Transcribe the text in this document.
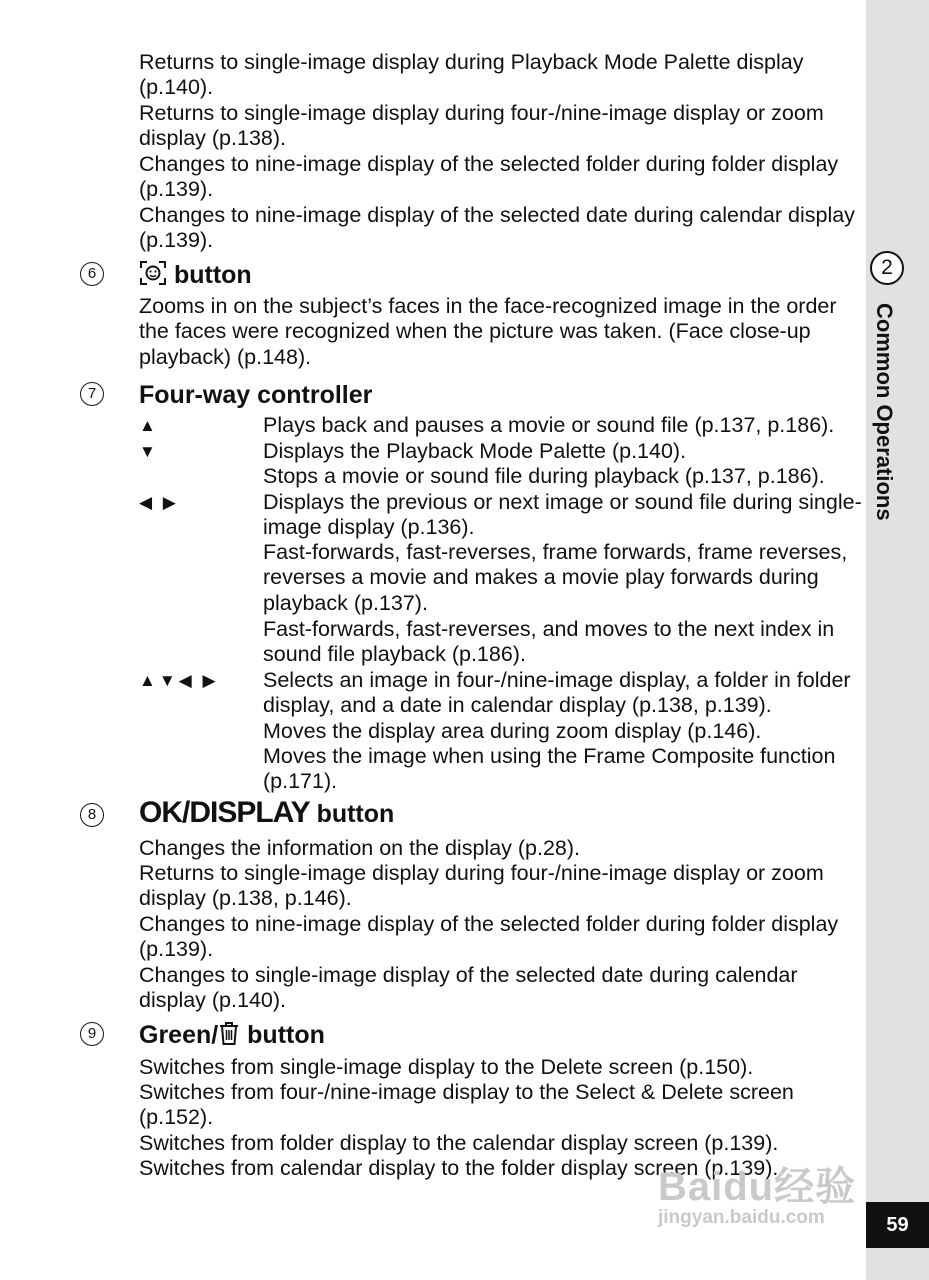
2
Common Operations
59
6
7
8
9

Returns to single-image display during Playback Mode Palette display (p.140).

Returns to single-image display during four-/nine-image display or zoom display (p.138).

Changes to nine-image display of the selected folder during folder display (p.139).

Changes to nine-image display of the selected date during calendar display (p.139).

button

Zooms in on the subject’s faces in the face-recognized image in the order the faces were recognized when the picture was taken. (Face close-up playback) (p.148).

Four-way controller
▲	Plays back and pauses a movie or sound file (p.137, p.186).

▼	Displays the Playback Mode Palette (p.140).

Stops a movie or sound file during playback (p.137, p.186).

◀ ▶	Displays the previous or next image or sound file during single-image display (p.136).

Fast-forwards, fast-reverses, frame forwards, frame reverses, reverses a movie and makes a movie play forwards during playback (p.137).

Fast-forwards, fast-reverses, and moves to the next index in sound file playback (p.186).

▲▼◀ ▶ Selects an image in four-/nine-image display, a folder in folder display, and a date in calendar display (p.138, p.139).

Moves the display area during zoom display (p.146).

Moves the image when using the Frame Composite function (p.171).

OK/DISPLAY button

Changes the information on the display (p.28).

Returns to single-image display during four-/nine-image display or zoom display (p.138, p.146).

Changes to nine-image display of the selected folder during folder display (p.139).

Changes to single-image display of the selected date during calendar display (p.140).

Green/ button

Switches from single-image display to the Delete screen (p.150).

Switches from four-/nine-image display to the Select & Delete screen (p.152).

Switches from folder display to the calendar display screen (p.139).

Switches from calendar display to the folder display screen (p.139).

Baidu经验
jingyan.baidu.com
